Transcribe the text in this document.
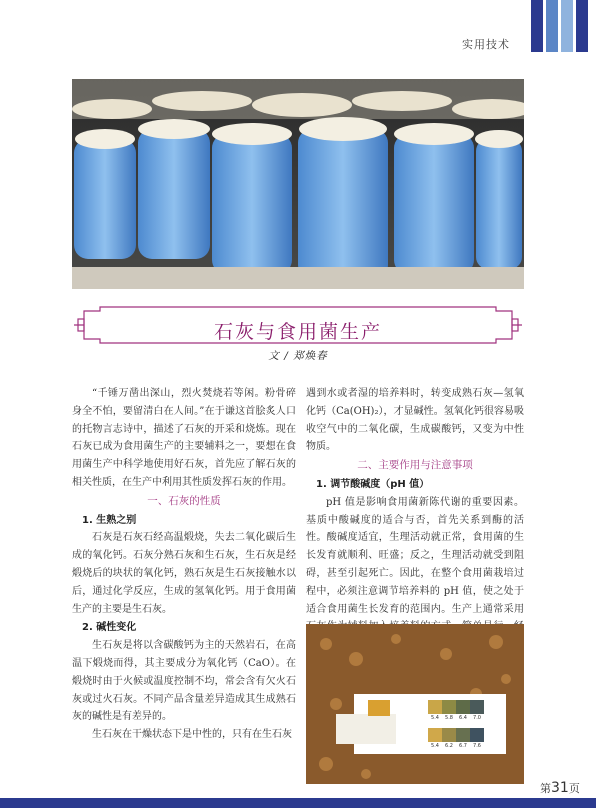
实用技术
石灰与食用菌生产
文 / 郑焕春

“千锤万凿出深山，烈火焚烧若等闲。粉骨碎身全不怕，要留清白在人间。”在于谦这首脍炙人口的托物言志诗中，描述了石灰的开采和烧炼。现在石灰已成为食用菌生产的主要辅料之一，要想在食用菌生产中科学地使用好石灰，首先应了解石灰的相关性质，在生产中利用其性质发挥石灰的作用。

一、石灰的性质
1. 生熟之别

石灰是石灰石经高温煅烧，失去二氧化碳后生成的氧化钙。石灰分熟石灰和生石灰，生石灰是经煅烧后的块状的氧化钙，熟石灰是生石灰接触水以后，通过化学反应，生成的氢氧化钙。用于食用菌生产的主要是生石灰。

2. 碱性变化

生石灰是将以含碳酸钙为主的天然岩石，在高温下煅烧而得，其主要成分为氧化钙（CaO）。在煅烧时由于火候或温度控制不均，常会含有欠火石灰或过火石灰。不同产品含量差异造成其生成熟石灰的碱性是有差异的。

生石灰在干燥状态下是中性的，只有在生石灰

遇到水或者湿的培养料时，转变成熟石灰—氢氧化钙（Ca(OH)₂），才显碱性。氢氧化钙很容易吸收空气中的二氧化碳，生成碳酸钙，又变为中性物质。

二、主要作用与注意事项
1. 调节酸碱度（pH 值）

pH 值是影响食用菌新陈代谢的重要因素。基质中酸碱度的适合与否，首先关系到酶的活性。酸碱度适宜，生理活动就正常，食用菌的生长发育就顺利、旺盛；反之，生理活动就受到阻碍，甚至引起死亡。因此，在整个食用菌栽培过程中，必须注意调节培养料的 pH 值，使之处于适合食用菌生长发育的范围内。生产上通常采用

5.4	5.8	6.4	7.0
5.4	6.2	6.7	7.6
第31页
